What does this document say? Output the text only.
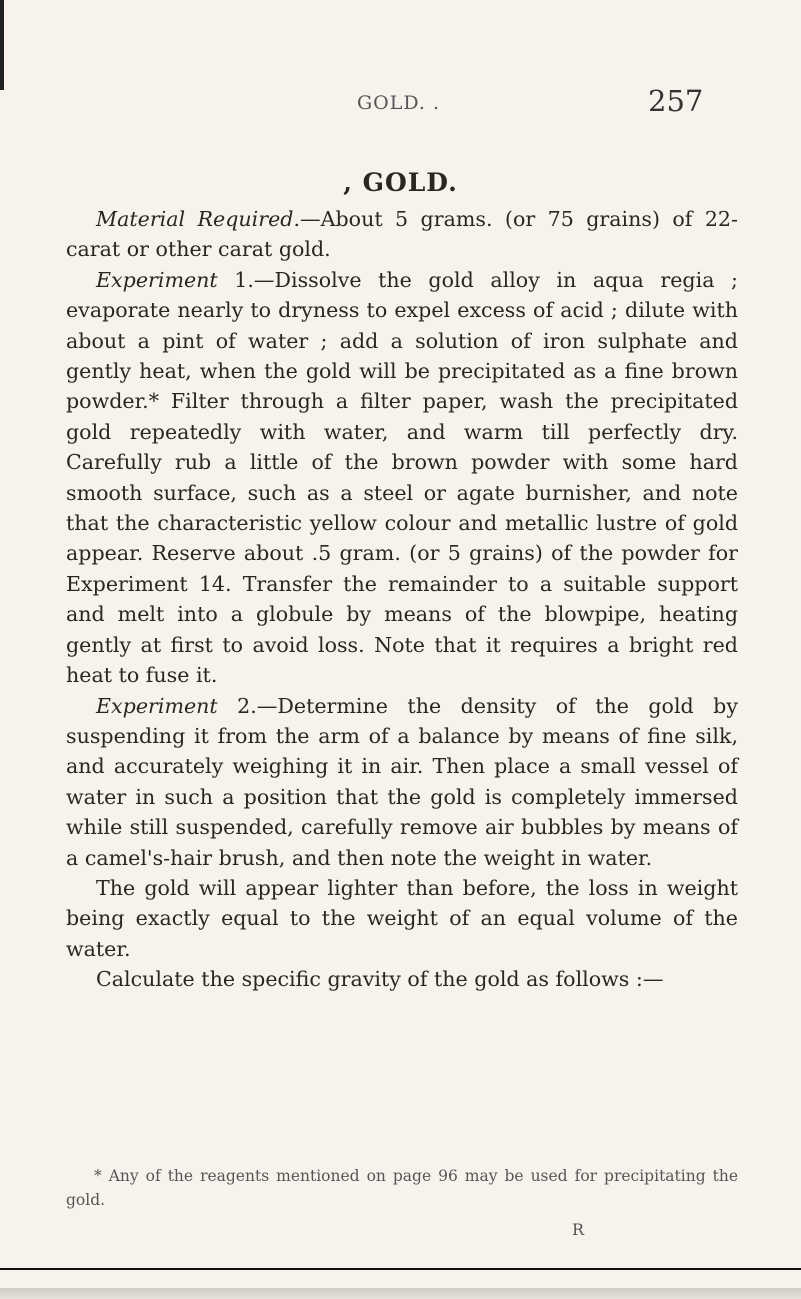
GOLD. .	257
, GOLD.

Material Required.—About 5 grams. (or 75 grains) of 22-carat or other carat gold.

Experiment 1.—Dissolve the gold alloy in aqua regia ; evaporate nearly to dryness to expel excess of acid ; dilute with about a pint of water ; add a solution of iron sulphate and gently heat, when the gold will be precipitated as a fine brown powder.* Filter through a filter paper, wash the precipitated gold repeatedly with water, and warm till perfectly dry. Carefully rub a little of the brown powder with some hard smooth surface, such as a steel or agate burnisher, and note that the characteristic yellow colour and metallic lustre of gold appear. Reserve about .5 gram. (or 5 grains) of the powder for Experiment 14. Transfer the remainder to a suitable support and melt into a globule by means of the blowpipe, heating gently at first to avoid loss. Note that it requires a bright red heat to fuse it.

Experiment 2.—Determine the density of the gold by suspending it from the arm of a balance by means of fine silk, and accurately weighing it in air. Then place a small vessel of water in such a position that the gold is completely immersed while still suspended, carefully remove air bubbles by means of a camel's-hair brush, and then note the weight in water.

The gold will appear lighter than before, the loss in weight being exactly equal to the weight of an equal volume of the water.

Calculate the specific gravity of the gold as follows :—

* Any of the reagents mentioned on page 96 may be used for precipitating the gold.
R
